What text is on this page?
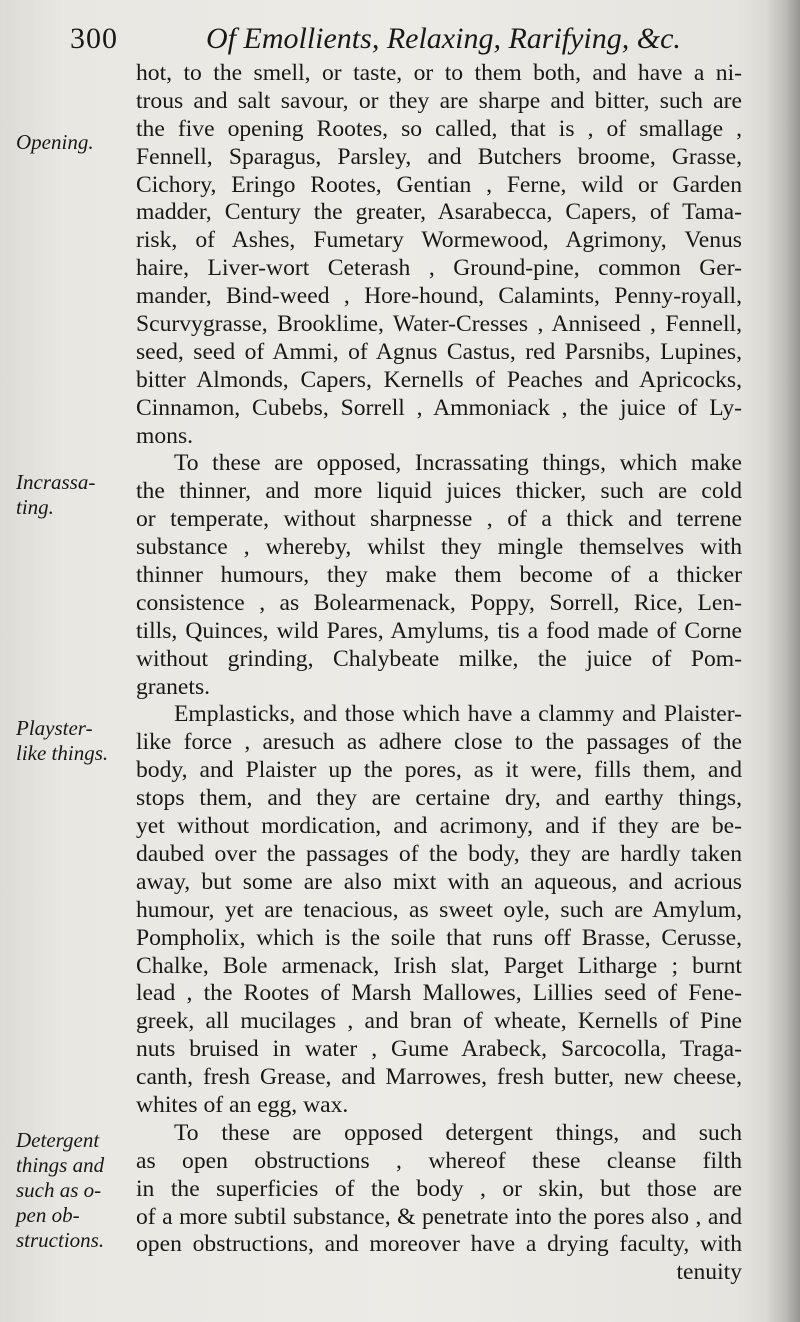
300	Of Emollients, Relaxing, Rarifying, &c.
Opening.
Incrassa-
ting.
Playster-
like things.
Detergent
things and
such as o-
pen ob-
structions.
hot, to the smell, or taste, or to them both, and have a ni-
trous and salt savour, or they are sharpe and bitter, such are
the five opening Rootes, so called, that is , of smallage ,
Fennell, Sparagus, Parsley, and Butchers broome, Grasse,
Cichory, Eringo Rootes, Gentian , Ferne, wild or Garden
madder, Century the greater, Asarabecca, Capers, of Tama-
risk, of Ashes, Fumetary Wormewood, Agrimony, Venus
haire, Liver-wort Ceterash , Ground-pine, common Ger-
mander, Bind-weed , Hore-hound, Calamints, Penny-royall,
Scurvygrasse, Brooklime, Water-Cresses , Anniseed , Fennell,
seed, seed of Ammi, of Agnus Castus, red Parsnibs, Lupines,
bitter Almonds, Capers, Kernells of Peaches and Apricocks,
Cinnamon, Cubebs, Sorrell , Ammoniack , the juice of Ly-
mons.
To these are opposed, Incrassating things, which make
the thinner, and more liquid juices thicker, such are cold
or temperate, without sharpnesse , of a thick and terrene
substance , whereby, whilst they mingle themselves with
thinner humours, they make them become of a thicker
consistence , as Bolearmenack, Poppy, Sorrell, Rice, Len-
tills, Quinces, wild Pares, Amylums, tis a food made of Corne
without grinding, Chalybeate milke, the juice of Pom-
granets.
Emplasticks, and those which have a clammy and Plaister-
like force , aresuch as adhere close to the passages of the
body, and Plaister up the pores, as it were, fills them, and
stops them, and they are certaine dry, and earthy things,
yet without mordication, and acrimony, and if they are be-
daubed over the passages of the body, they are hardly taken
away, but some are also mixt with an aqueous, and acrious
humour, yet are tenacious, as sweet oyle, such are Amylum,
Pompholix, which is the soile that runs off Brasse, Cerusse,
Chalke, Bole armenack, Irish slat, Parget Litharge ; burnt
lead , the Rootes of Marsh Mallowes, Lillies seed of Fene-
greek, all mucilages , and bran of wheate, Kernells of Pine
nuts bruised in water , Gume Arabeck, Sarcocolla, Traga-
canth, fresh Grease, and Marrowes, fresh butter, new cheese,
whites of an egg, wax.
To these are opposed detergent things, and such
as open obstructions , whereof these cleanse filth
in the superficies of the body , or skin, but those are
of a more subtil substance, & penetrate into the pores also , and
open obstructions, and moreover have a drying faculty, with
tenuity
